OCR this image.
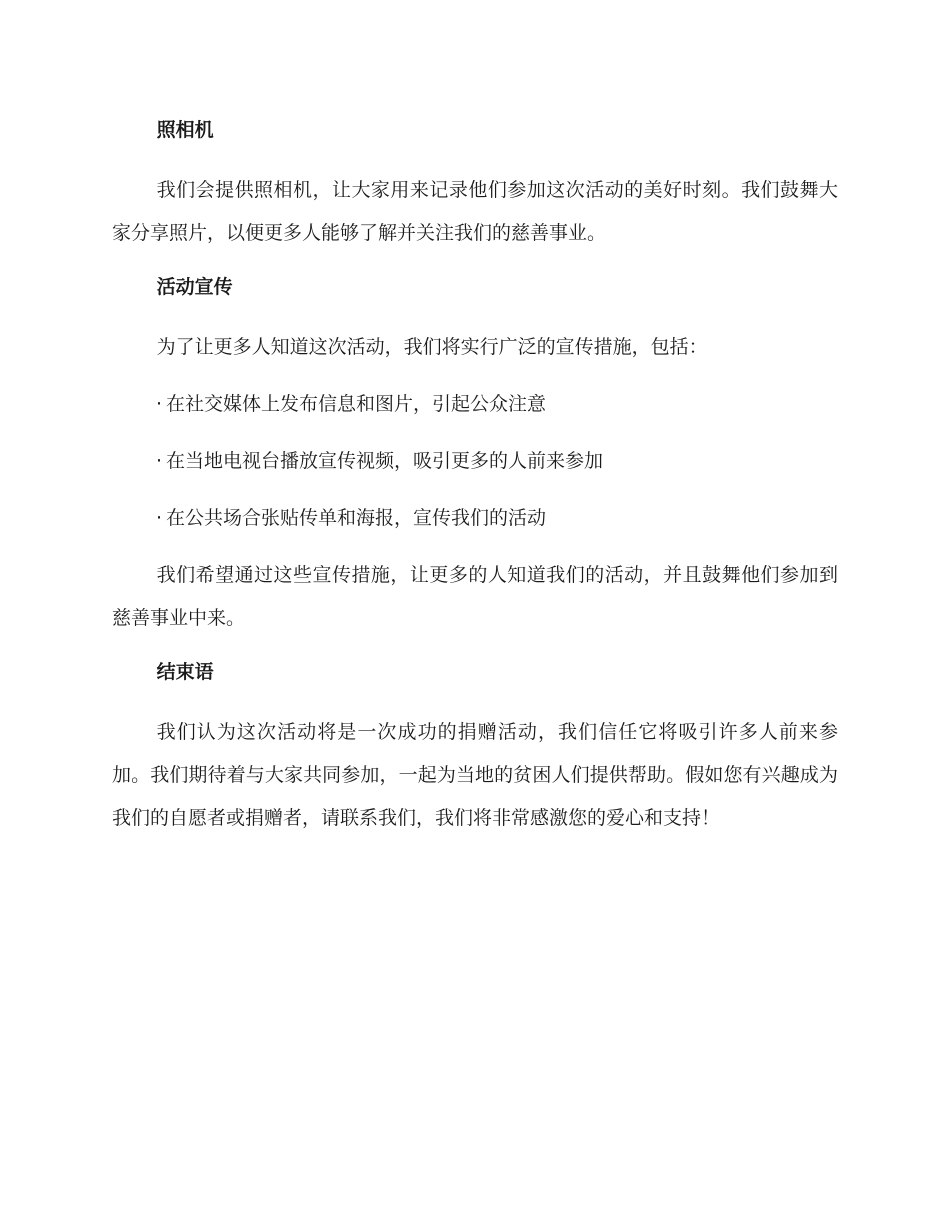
照相机
我们会提供照相机，让大家用来记录他们参加这次活动的美好时刻。我们鼓舞大家分享照片，以便更多人能够了解并关注我们的慈善事业。
活动宣传
为了让更多人知道这次活动，我们将实行广泛的宣传措施，包括：
· 在社交媒体上发布信息和图片，引起公众注意
· 在当地电视台播放宣传视频，吸引更多的人前来参加
· 在公共场合张贴传单和海报，宣传我们的活动
我们希望通过这些宣传措施，让更多的人知道我们的活动，并且鼓舞他们参加到慈善事业中来。
结束语
我们认为这次活动将是一次成功的捐赠活动，我们信任它将吸引许多人前来参加。我们期待着与大家共同参加，一起为当地的贫困人们提供帮助。假如您有兴趣成为我们的自愿者或捐赠者，请联系我们，我们将非常感激您的爱心和支持！
